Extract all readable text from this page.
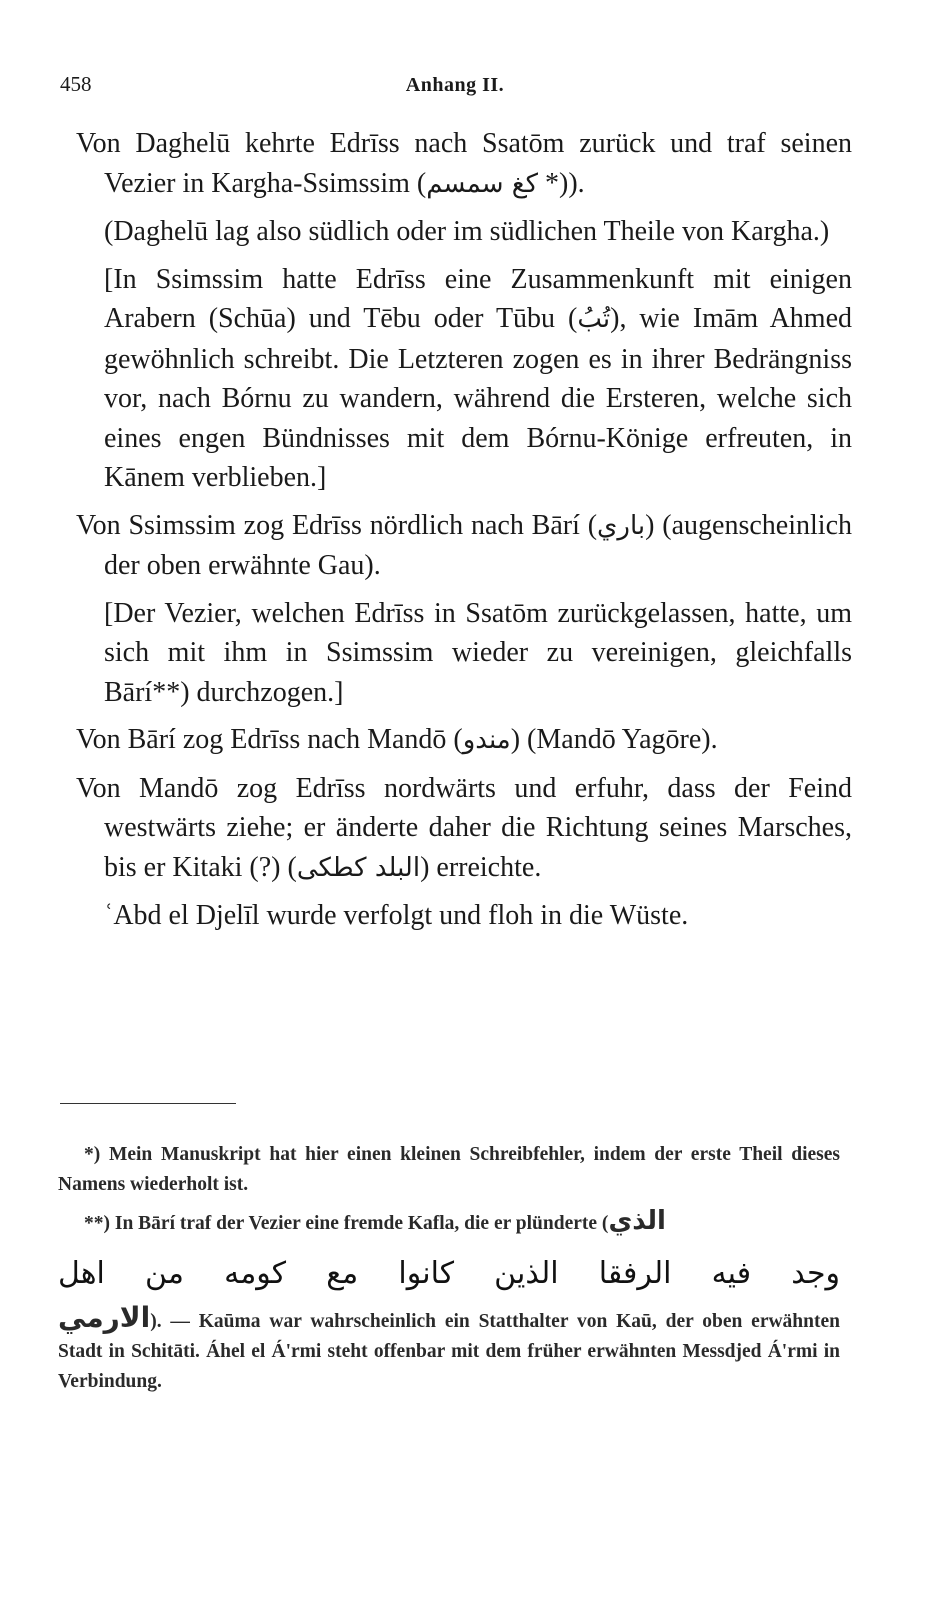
458	Anhang II.

Von Daghelū kehrte Edrīss nach Ssatōm zurück und traf seinen Vezier in Kargha-Ssimssim (كغ سمسم *)).

(Daghelū lag also südlich oder im südlichen Theile von Kargha.)

[In Ssimssim hatte Edrīss eine Zusammenkunft mit einigen Arabern (Schūa) und Tēbu oder Tūbu (تُبُ), wie Imām Ahmed gewöhnlich schreibt. Die Letzteren zogen es in ihrer Bedrängniss vor, nach Bórnu zu wandern, während die Ersteren, welche sich eines engen Bündnisses mit dem Bórnu-Könige erfreuten, in Kānem verblieben.]

Von Ssimssim zog Edrīss nördlich nach Bārí (باري) (augenscheinlich der oben erwähnte Gau).

[Der Vezier, welchen Edrīss in Ssatōm zurückgelassen, hatte, um sich mit ihm in Ssimssim wieder zu vereinigen, gleichfalls Bārí**) durchzogen.]

Von Bārí zog Edrīss nach Mandō (مندو) (Mandō Yagōre).

Von Mandō zog Edrīss nordwärts und erfuhr, dass der Feind westwärts ziehe; er änderte daher die Richtung seines Marsches, bis er Kitaki (?) (البلد كطكى) erreichte.

ʿAbd el Djelīl wurde verfolgt und floh in die Wüste.

*) Mein Manuskript hat hier einen kleinen Schreibfehler, indem der erste Theil dieses Namens wiederholt ist.

**) In Bārí traf der Vezier eine fremde Kafla, die er plünderte (الذي

وجد فيه الرفقا الذين كانوا مع كومه من اهل

الارمي). — Kaūma war wahrscheinlich ein Statthalter von Kaū, der oben erwähnten Stadt in Schitāti. Áhel el Á'rmi steht offenbar mit dem früher erwähnten Messdjed Á'rmi in Verbindung.
